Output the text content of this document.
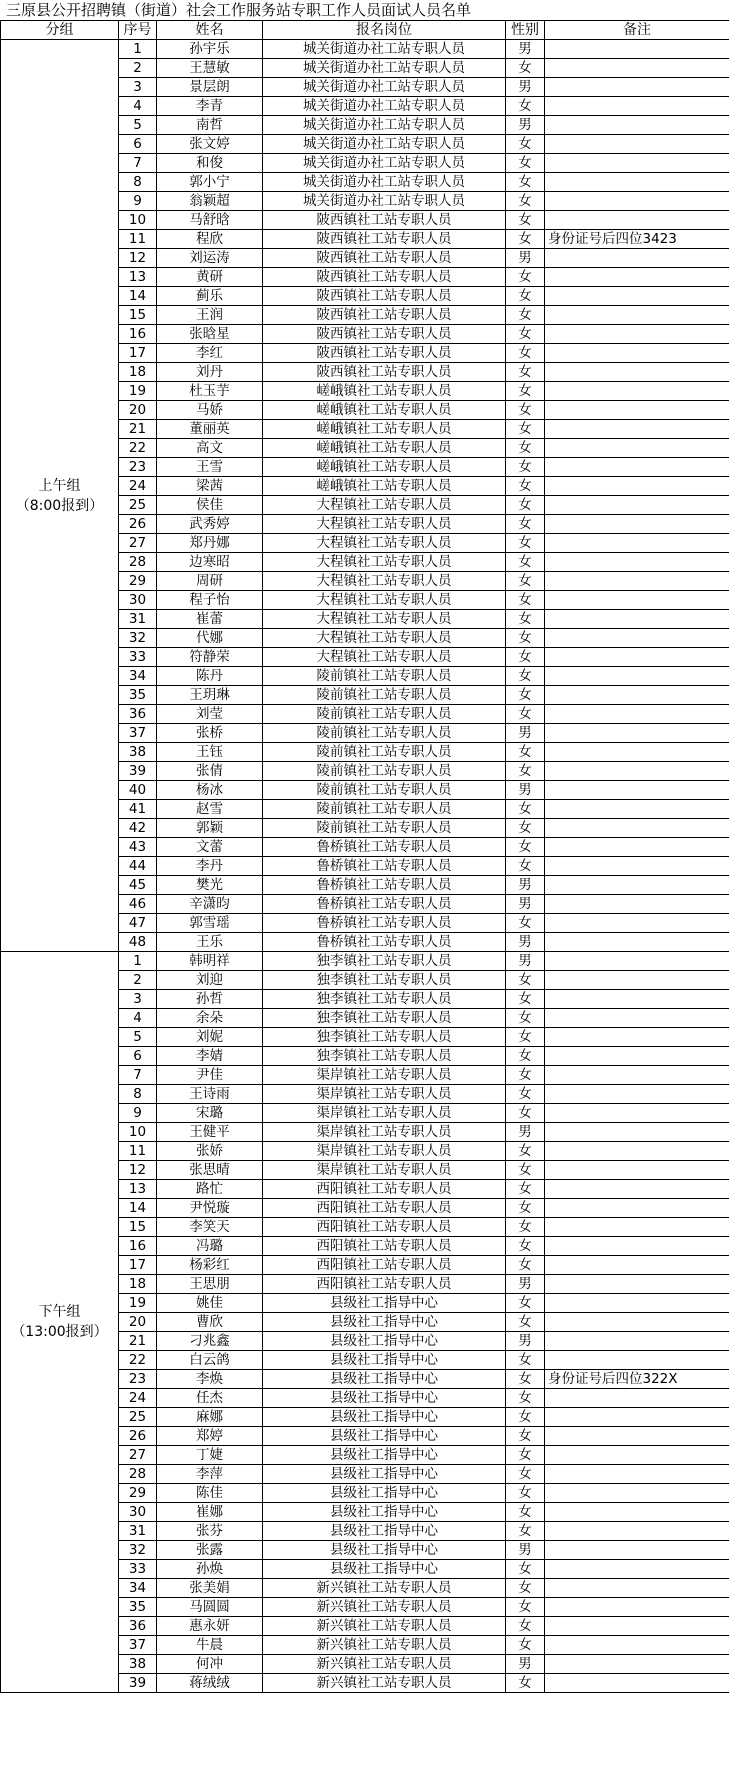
三原县公开招聘镇（街道）社会工作服务站专职工作人员面试人员名单
分组	序号	姓名	报名岗位	性别	备注

上午组
（8:00报到）	1	孙宇乐	城关街道办社工站专职人员	男	
	2	王慧敏	城关街道办社工站专职人员	女	
	3	景层朗	城关街道办社工站专职人员	男	
	4	李青	城关街道办社工站专职人员	女	
	5	南哲	城关街道办社工站专职人员	男	
	6	张文婷	城关街道办社工站专职人员	女	
	7	和俊	城关街道办社工站专职人员	女	
	8	郭小宁	城关街道办社工站专职人员	女	
	9	翁颖超	城关街道办社工站专职人员	女	
	10	马舒晗	陂西镇社工站专职人员	女	
	11	程欣	陂西镇社工站专职人员	女	身份证号后四位3423
	12	刘运涛	陂西镇社工站专职人员	男	
	13	黄研	陂西镇社工站专职人员	女	
	14	蓟乐	陂西镇社工站专职人员	女	
	15	王润	陂西镇社工站专职人员	女	
	16	张晗星	陂西镇社工站专职人员	女	
	17	李红	陂西镇社工站专职人员	女	
	18	刘丹	陂西镇社工站专职人员	女	
	19	杜玉芋	嵯峨镇社工站专职人员	女	
	20	马娇	嵯峨镇社工站专职人员	女	
	21	董丽英	嵯峨镇社工站专职人员	女	
	22	高文	嵯峨镇社工站专职人员	女	
	23	王雪	嵯峨镇社工站专职人员	女	
	24	梁茜	嵯峨镇社工站专职人员	女	
	25	侯佳	大程镇社工站专职人员	女	
	26	武秀婷	大程镇社工站专职人员	女	
	27	郑丹娜	大程镇社工站专职人员	女	
	28	边寒昭	大程镇社工站专职人员	女	
	29	周研	大程镇社工站专职人员	女	
	30	程子怡	大程镇社工站专职人员	女	
	31	崔蕾	大程镇社工站专职人员	女	
	32	代娜	大程镇社工站专职人员	女	
	33	符静荣	大程镇社工站专职人员	女	
	34	陈丹	陵前镇社工站专职人员	女	
	35	王玥琳	陵前镇社工站专职人员	女	
	36	刘莹	陵前镇社工站专职人员	女	
	37	张桥	陵前镇社工站专职人员	男	
	38	王钰	陵前镇社工站专职人员	女	
	39	张倩	陵前镇社工站专职人员	女	
	40	杨冰	陵前镇社工站专职人员	男	
	41	赵雪	陵前镇社工站专职人员	女	
	42	郭颖	陵前镇社工站专职人员	女	
	43	文蕾	鲁桥镇社工站专职人员	女	
	44	李丹	鲁桥镇社工站专职人员	女	
	45	樊光	鲁桥镇社工站专职人员	男	
	46	辛潇昀	鲁桥镇社工站专职人员	男	
	47	郭雪瑶	鲁桥镇社工站专职人员	女	
	48	王乐	鲁桥镇社工站专职人员	男	

下午组
（13:00报到）	1	韩明祥	独李镇社工站专职人员	男	
	2	刘迎	独李镇社工站专职人员	女	
	3	孙哲	独李镇社工站专职人员	女	
	4	余朵	独李镇社工站专职人员	女	
	5	刘妮	独李镇社工站专职人员	女	
	6	李婧	独李镇社工站专职人员	女	
	7	尹佳	渠岸镇社工站专职人员	女	
	8	王诗雨	渠岸镇社工站专职人员	女	
	9	宋璐	渠岸镇社工站专职人员	女	
	10	王健平	渠岸镇社工站专职人员	男	
	11	张娇	渠岸镇社工站专职人员	女	
	12	张思晴	渠岸镇社工站专职人员	女	
	13	路忙	西阳镇社工站专职人员	女	
	14	尹悦璇	西阳镇社工站专职人员	女	
	15	李笑天	西阳镇社工站专职人员	女	
	16	冯璐	西阳镇社工站专职人员	女	
	17	杨彩红	西阳镇社工站专职人员	女	
	18	王思朋	西阳镇社工站专职人员	男	
	19	姚佳	县级社工指导中心	女	
	20	曹欣	县级社工指导中心	女	
	21	刁兆鑫	县级社工指导中心	男	
	22	白云鸽	县级社工指导中心	女	
	23	李焕	县级社工指导中心	女	身份证号后四位322X
	24	任杰	县级社工指导中心	女	
	25	麻娜	县级社工指导中心	女	
	26	郑婷	县级社工指导中心	女	
	27	丁婕	县级社工指导中心	女	
	28	李萍	县级社工指导中心	女	
	29	陈佳	县级社工指导中心	女	
	30	崔娜	县级社工指导中心	女	
	31	张芬	县级社工指导中心	女	
	32	张露	县级社工指导中心	男	
	33	孙焕	县级社工指导中心	女	
	34	张美娟	新兴镇社工站专职人员	女	
	35	马圆圆	新兴镇社工站专职人员	女	
	36	惠永妍	新兴镇社工站专职人员	女	
	37	牛晨	新兴镇社工站专职人员	女	
	38	何冲	新兴镇社工站专职人员	男	
	39	蒋绒绒	新兴镇社工站专职人员	女	
